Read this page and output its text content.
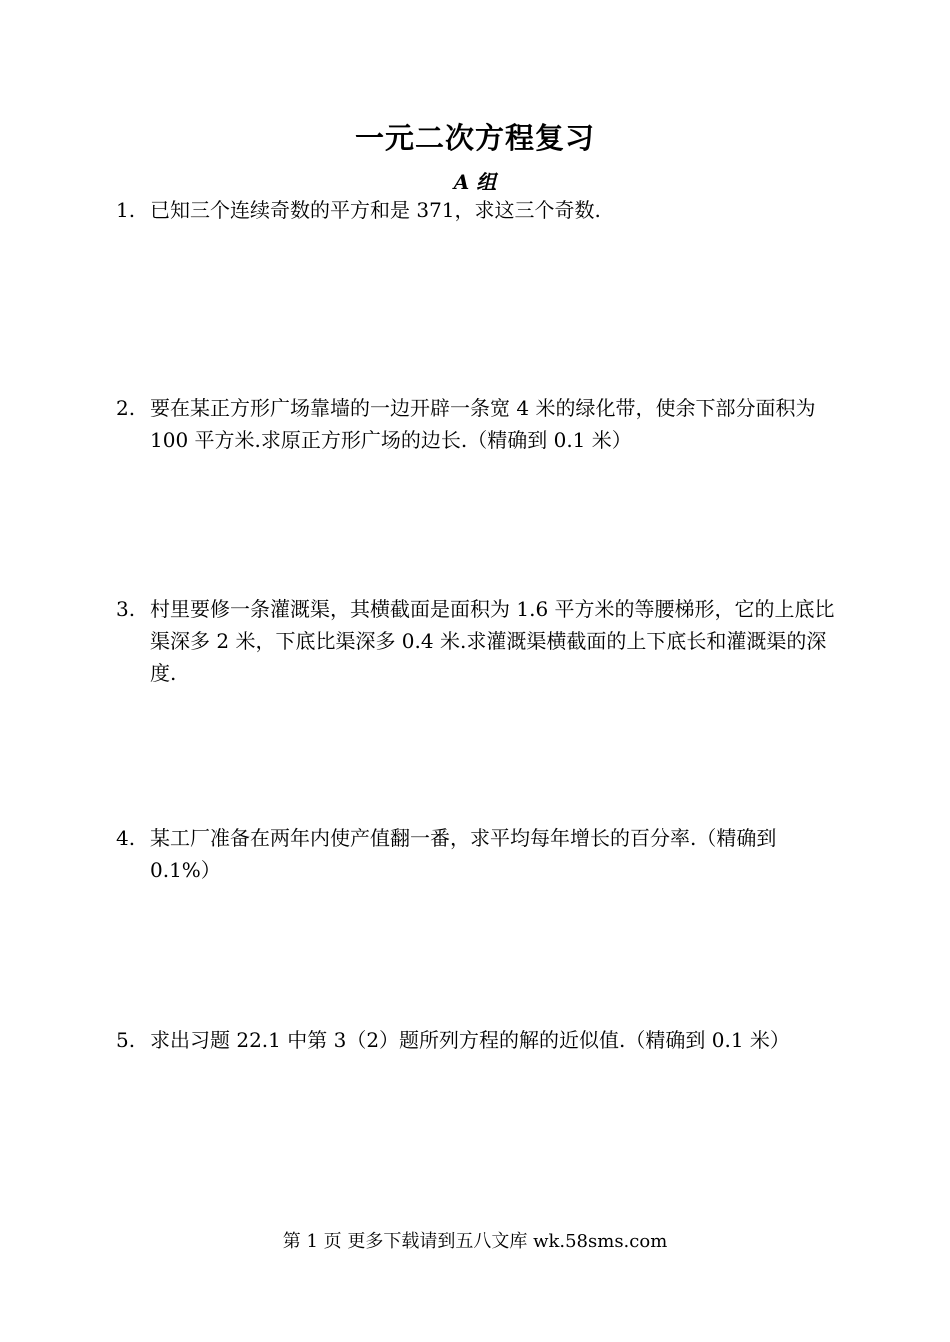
一元二次方程复习
A 组
1. 已知三个连续奇数的平方和是 371，求这三个奇数.
2. 要在某正方形广场靠墙的一边开辟一条宽 4 米的绿化带，使余下部分面积为 100 平方米.求原正方形广场的边长.（精确到 0.1 米）
3. 村里要修一条灌溉渠，其横截面是面积为 1.6 平方米的等腰梯形，它的上底比渠深多 2 米，下底比渠深多 0.4 米.求灌溉渠横截面的上下底长和灌溉渠的深度.
4. 某工厂准备在两年内使产值翻一番，求平均每年增长的百分率.（精确到 0.1%）
5. 求出习题 22.1 中第 3（2）题所列方程的解的近似值.（精确到 0.1 米）
第 1 页 更多下载请到五八文库 wk.58sms.com
